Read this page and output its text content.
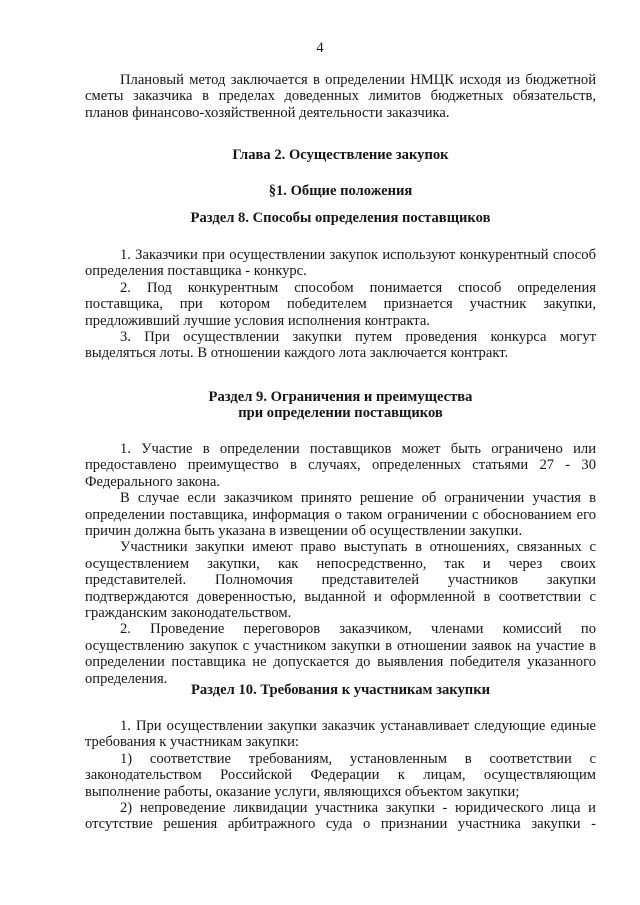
4

Плановый метод заключается в определении НМЦК исходя из бюджетной сметы заказчика в пределах доведенных лимитов бюджетных обязательств, планов финансово-хозяйственной деятельности заказчика.

Глава 2. Осуществление закупок
§1. Общие положения
Раздел 8. Способы определения поставщиков

1. Заказчики при осуществлении закупок используют конкурентный способ определения поставщика - конкурс.

2. Под конкурентным способом понимается способ определения поставщика, при котором победителем признается участник закупки, предложивший лучшие условия исполнения контракта.

3. При осуществлении закупки путем проведения конкурса могут выделяться лоты. В отношении каждого лота заключается контракт.

Раздел 9. Ограничения и преимущества
при определении поставщиков

1. Участие в определении поставщиков может быть ограничено или предоставлено преимущество в случаях, определенных статьями 27 - 30 Федерального закона.

В случае если заказчиком принято решение об ограничении участия в определении поставщика, информация о таком ограничении с обоснованием его причин должна быть указана в извещении об осуществлении закупки.

Участники закупки имеют право выступать в отношениях, связанных с осуществлением закупки, как непосредственно, так и через своих представителей. Полномочия представителей участников закупки подтверждаются доверенностью, выданной и оформленной в соответствии с гражданским законодательством.

2. Проведение переговоров заказчиком, членами комиссий по осуществлению закупок с участником закупки в отношении заявок на участие в определении поставщика не допускается до выявления победителя указанного определения.

Раздел 10. Требования к участникам закупки

1. При осуществлении закупки заказчик устанавливает следующие единые требования к участникам закупки:

1) соответствие требованиям, установленным в соответствии с законодательством Российской Федерации к лицам, осуществляющим выполнение работы, оказание услуги, являющихся объектом закупки;

2) непроведение ликвидации участника закупки - юридического лица и отсутствие решения арбитражного суда о признании участника закупки -
